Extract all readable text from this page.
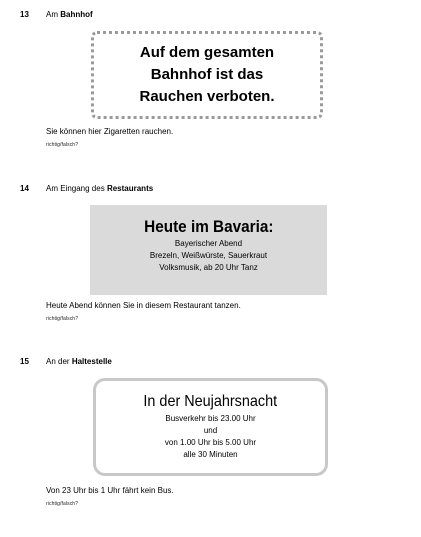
13 Am Bahnhof
Auf dem gesamten
Bahnhof ist das
Rauchen verboten.
Sie können hier Zigaretten rauchen.
richtig/falsch?
14 Am Eingang des Restaurants
Heute im Bavaria:
Bayerischer Abend
Brezeln, Weißwürste, Sauerkraut
Volksmusik, ab 20 Uhr Tanz
Heute Abend können Sie in diesem Restaurant tanzen.
richtig/falsch?
15 An der Haltestelle
In der Neujahrsnacht
Busverkehr bis 23.00 Uhr
und
von 1.00 Uhr bis 5.00 Uhr
alle 30 Minuten
Von 23 Uhr bis 1 Uhr fährt kein Bus.
richtig/falsch?
